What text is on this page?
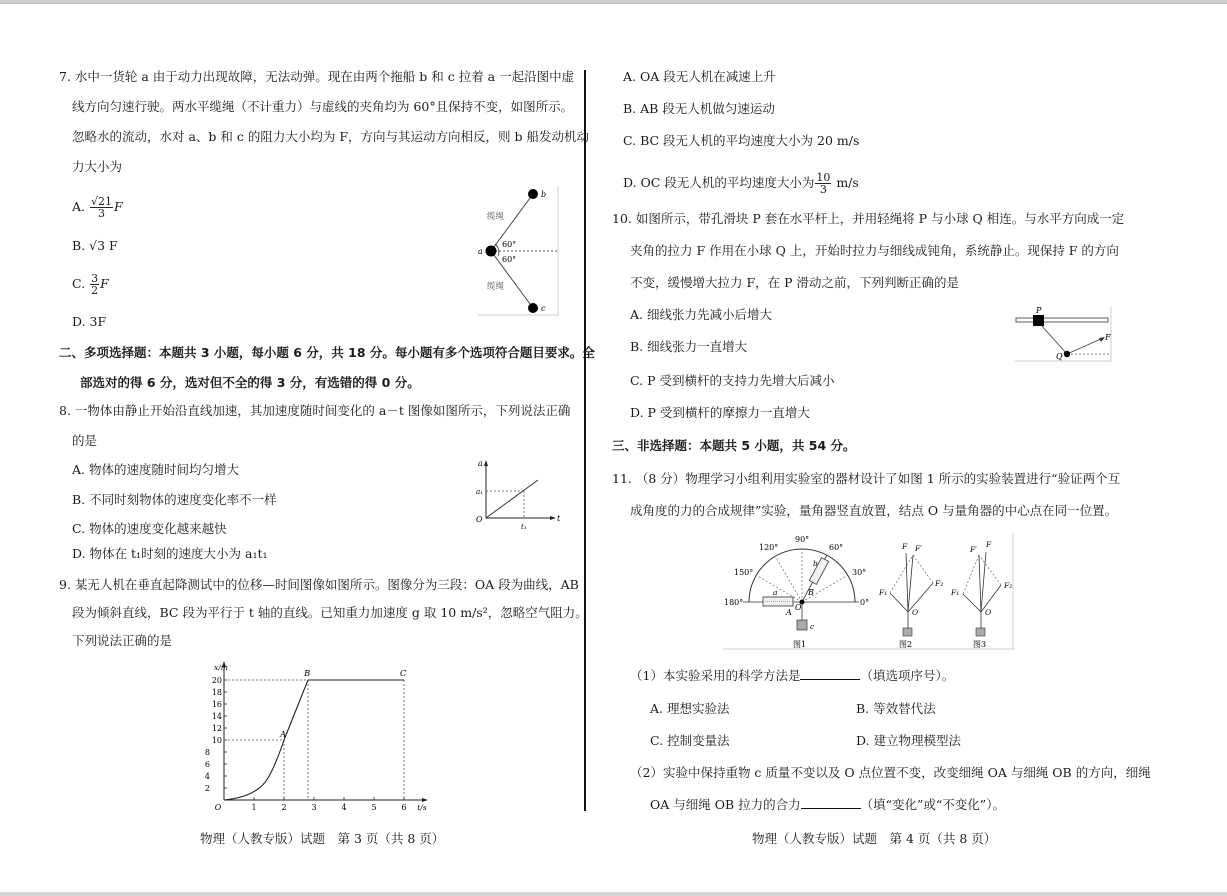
7. 水中一货轮 a 由于动力出现故障，无法动弹。现在由两个拖船 b 和 c 拉着 a 一起沿图中虚
线方向匀速行驶。两水平缆绳（不计重力）与虚线的夹角均为 60°且保持不变，如图所示。
忽略水的流动，水对 a、b 和 c 的阻力大小均为 F，方向与其运动方向相反，则 b 船发动机动
力大小为
A. $\frac{√21}{3}$ F
B. √3 F
C. $\frac{3}{2}$ F
D. 3F
b
c
a
60°
60°
缆绳
缆绳
二、多项选择题：本题共 3 小题，每小题 6 分，共 18 分。每小题有多个选项符合题目要求。全
部选对的得 6 分，选对但不全的得 3 分，有选错的得 0 分。
8. 一物体由静止开始沿直线加速，其加速度随时间变化的 a－t 图像如图所示，下列说法正确
的是
A. 物体的速度随时间均匀增大
B. 不同时刻物体的速度变化率不一样
C. 物体的速度变化越来越快
D. 物体在 t₁时刻的速度大小为 a₁t₁
a
t
O
a₁
t₁
9. 某无人机在垂直起降测试中的位移—时间图像如图所示。图像分为三段：OA 段为曲线，AB
段为倾斜直线，BC 段为平行于 t 轴的直线。已知重力加速度 g 取 10 m/s²，忽略空气阻力。
下列说法正确的是
x/m
2
4
6
8
10
12
14
16
18
20
O	1	2	3	4	5	6 t/s
A
B	C
物理（人教专版）试题　第 3 页（共 8 页）
A. OA 段无人机在减速上升
B. AB 段无人机做匀速运动
C. BC 段无人机的平均速度大小为 20 m/s
D. OC 段无人机的平均速度大小为 $\frac{10}{3} m/s$
10. 如图所示，带孔滑块 P 套在水平杆上，并用轻绳将 P 与小球 Q 相连。与水平方向成一定
夹角的拉力 F 作用在小球 Q 上，开始时拉力与细线成钝角，系统静止。现保持 F 的方向
不变，缓慢增大拉力 F，在 P 滑动之前，下列判断正确的是
A. 细线张力先减小后增大
B. 细线张力一直增大
C. P 受到横杆的支持力先增大后减小
D. P 受到横杆的摩擦力一直增大
P
Q
F
三、非选择题：本题共 5 小题，共 54 分。
11. （8 分）物理学习小组利用实验室的器材设计了如图 1 所示的实验装置进行“验证两个互
成角度的力的合成规律”实验，量角器竖直放置，结点 O 与量角器的中心点在同一位置。
180°
150°
120°
90°
60°
30°
0°
a
b
c
A
B
O
图1
F F′
F₁
F₂
O
图2
F′
F
F₁
F₂
O
图3
（1）本实验采用的科学方法是	（填选项序号）。
A. 理想实验法	B. 等效替代法
C. 控制变量法	D. 建立物理模型法
（2）实验中保持重物 c 质量不变以及 O 点位置不变，改变细绳 OA 与细绳 OB 的方向，细绳
OA 与细绳 OB 拉力的合力	（填“变化”或“不变化”）。
物理（人教专版）试题　第 4 页（共 8 页）
